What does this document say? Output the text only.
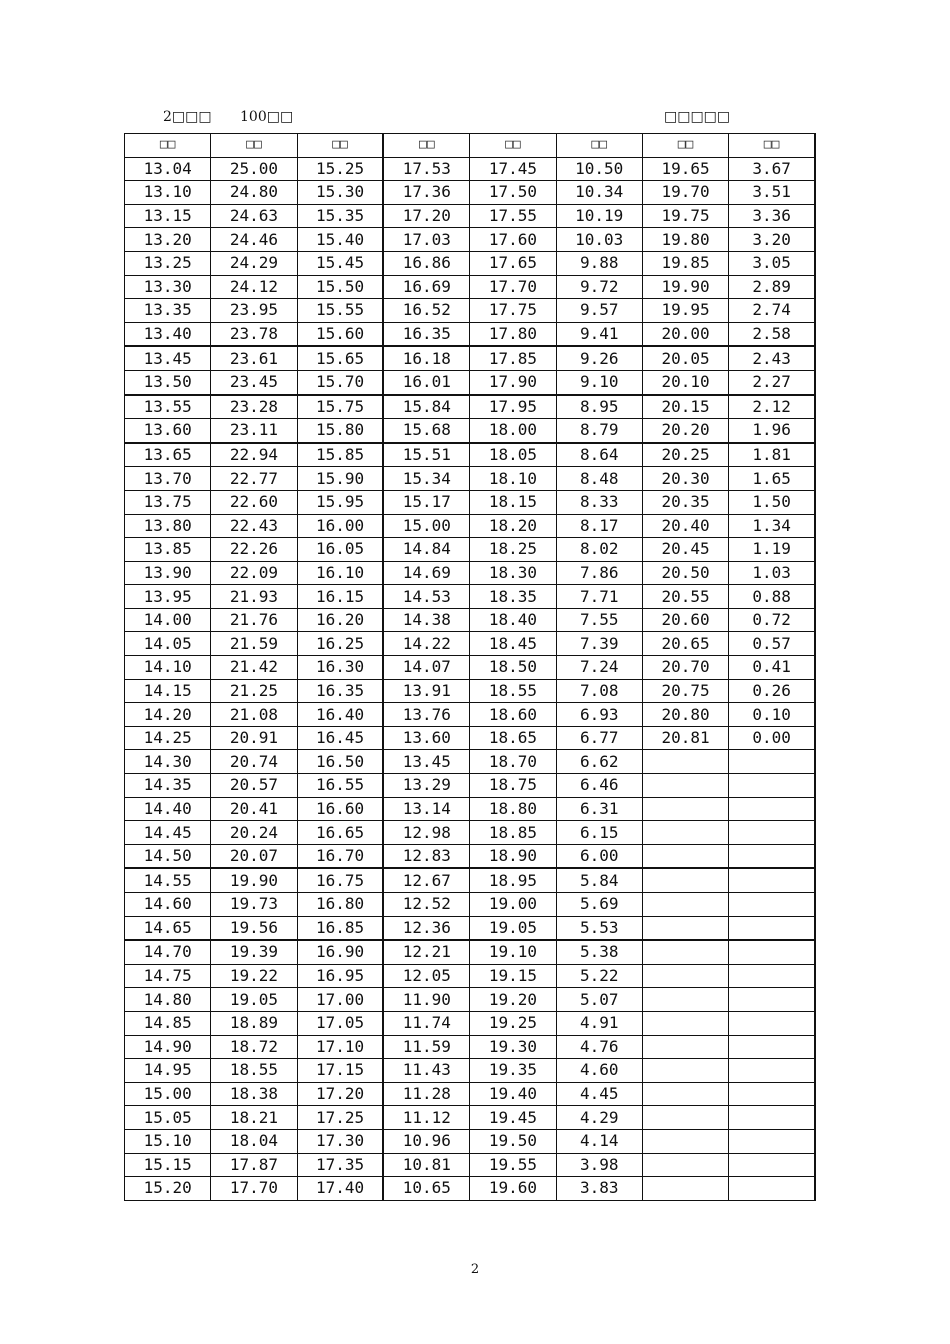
2□□□ 100□□	□□□□□
□□	□□	□□	□□	□□	□□	□□	□□
13.04	25.00	15.25	17.53	17.45	10.50	19.65	3.67
13.10	24.80	15.30	17.36	17.50	10.34	19.70	3.51
13.15	24.63	15.35	17.20	17.55	10.19	19.75	3.36
13.20	24.46	15.40	17.03	17.60	10.03	19.80	3.20
13.25	24.29	15.45	16.86	17.65	9.88	19.85	3.05
13.30	24.12	15.50	16.69	17.70	9.72	19.90	2.89
13.35	23.95	15.55	16.52	17.75	9.57	19.95	2.74
13.40	23.78	15.60	16.35	17.80	9.41	20.00	2.58
13.45	23.61	15.65	16.18	17.85	9.26	20.05	2.43
13.50	23.45	15.70	16.01	17.90	9.10	20.10	2.27
13.55	23.28	15.75	15.84	17.95	8.95	20.15	2.12
13.60	23.11	15.80	15.68	18.00	8.79	20.20	1.96
13.65	22.94	15.85	15.51	18.05	8.64	20.25	1.81
13.70	22.77	15.90	15.34	18.10	8.48	20.30	1.65
13.75	22.60	15.95	15.17	18.15	8.33	20.35	1.50
13.80	22.43	16.00	15.00	18.20	8.17	20.40	1.34
13.85	22.26	16.05	14.84	18.25	8.02	20.45	1.19
13.90	22.09	16.10	14.69	18.30	7.86	20.50	1.03
13.95	21.93	16.15	14.53	18.35	7.71	20.55	0.88
14.00	21.76	16.20	14.38	18.40	7.55	20.60	0.72
14.05	21.59	16.25	14.22	18.45	7.39	20.65	0.57
14.10	21.42	16.30	14.07	18.50	7.24	20.70	0.41
14.15	21.25	16.35	13.91	18.55	7.08	20.75	0.26
14.20	21.08	16.40	13.76	18.60	6.93	20.80	0.10
14.25	20.91	16.45	13.60	18.65	6.77	20.81	0.00
14.30	20.74	16.50	13.45	18.70	6.62		
14.35	20.57	16.55	13.29	18.75	6.46		
14.40	20.41	16.60	13.14	18.80	6.31		
14.45	20.24	16.65	12.98	18.85	6.15		
14.50	20.07	16.70	12.83	18.90	6.00		
14.55	19.90	16.75	12.67	18.95	5.84		
14.60	19.73	16.80	12.52	19.00	5.69		
14.65	19.56	16.85	12.36	19.05	5.53		
14.70	19.39	16.90	12.21	19.10	5.38		
14.75	19.22	16.95	12.05	19.15	5.22		
14.80	19.05	17.00	11.90	19.20	5.07		
14.85	18.89	17.05	11.74	19.25	4.91		
14.90	18.72	17.10	11.59	19.30	4.76		
14.95	18.55	17.15	11.43	19.35	4.60		
15.00	18.38	17.20	11.28	19.40	4.45		
15.05	18.21	17.25	11.12	19.45	4.29		
15.10	18.04	17.30	10.96	19.50	4.14		
15.15	17.87	17.35	10.81	19.55	3.98		
15.20	17.70	17.40	10.65	19.60	3.83		
2
